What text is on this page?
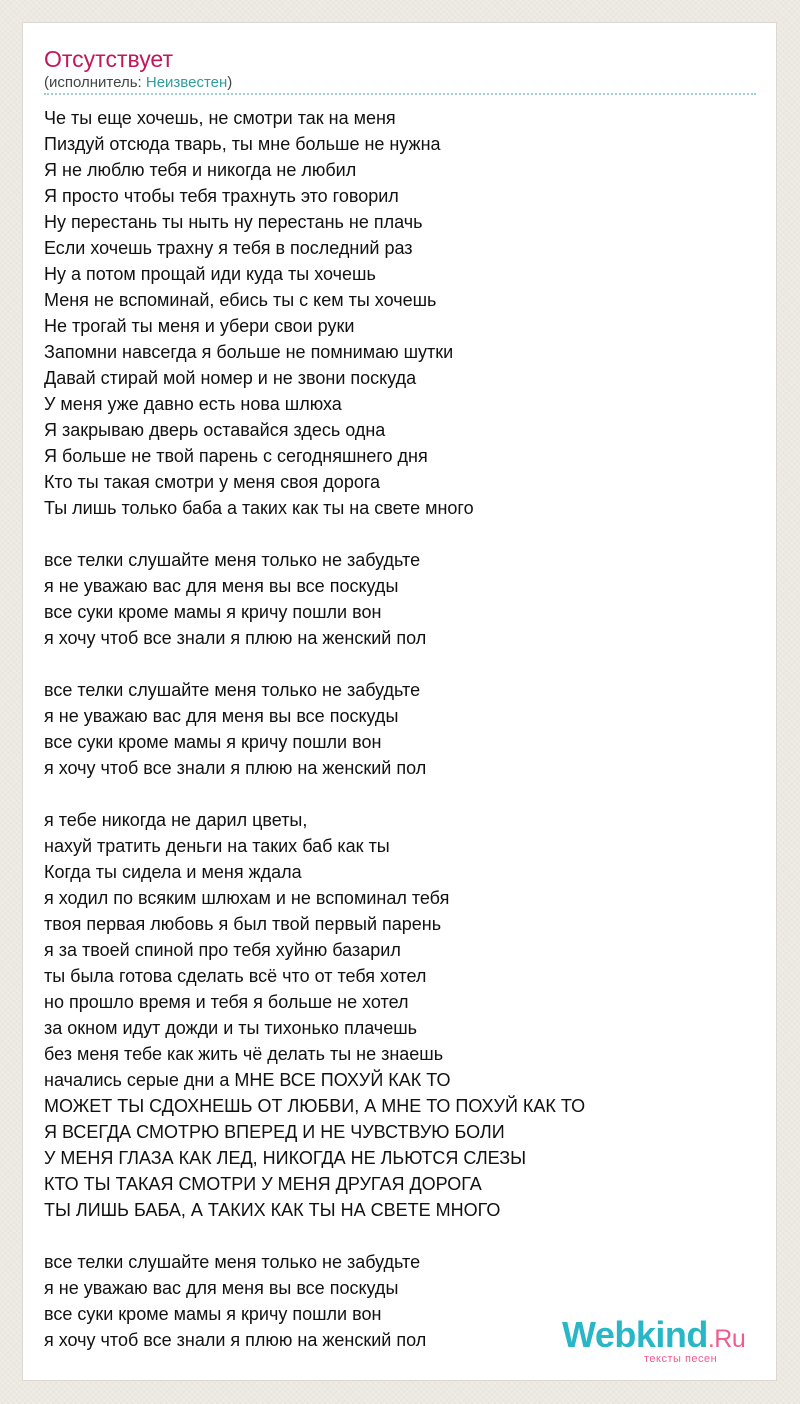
Отсутствует
(исполнитель: Неизвестен)
Че ты еще хочешь, не смотри так на меня
Пиздуй отсюда тварь, ты мне больше не нужна
Я не люблю тебя и никогда не любил
Я просто чтобы тебя трахнуть это говорил
Ну перестань ты ныть ну перестань не плачь
Если хочешь трахну я тебя в последний раз
Ну а потом прощай иди куда ты хочешь
Меня не вспоминай, ебись ты с кем ты хочешь
Не трогай ты меня и убери свои руки
Запомни навсегда я больше не помнимаю шутки
Давай стирай мой номер и не звони поскуда
У меня уже давно есть нова шлюха
Я закрываю дверь оставайся здесь одна
Я больше не твой парень с сегодняшнего дня
Кто ты такая смотри у меня своя дорога
Ты лишь только баба а таких как ты на свете много
все телки слушайте меня только не забудьте
я не уважаю вас для меня вы все поскуды
все суки кроме мамы я кричу пошли вон
я хочу чтоб все знали я плюю на женский пол
все телки слушайте меня только не забудьте
я не уважаю вас для меня вы все поскуды
все суки кроме мамы я кричу пошли вон
я хочу чтоб все знали я плюю на женский пол
я тебе никогда не дарил цветы,
нахуй тратить деньги на таких баб как ты
Когда ты сидела и меня ждала
я ходил по всяким шлюхам и не вспоминал тебя
твоя первая любовь я был твой первый парень
я за твоей спиной про тебя хуйню базарил
ты была готова сделать всё что от тебя хотел
но прошло время и тебя я больше не хотел
за окном идут дожди и ты тихонько плачешь
без меня тебе как жить чё делать ты не знаешь
начались серые дни а МНЕ ВСЕ ПОХУЙ КАК ТО
МОЖЕТ ТЫ СДОХНЕШЬ ОТ ЛЮБВИ, А МНЕ ТО ПОХУЙ КАК ТО
Я ВСЕГДА СМОТРЮ ВПЕРЕД И НЕ ЧУВСТВУЮ БОЛИ
У МЕНЯ ГЛАЗА КАК ЛЕД, НИКОГДА НЕ ЛЬЮТСЯ СЛЕЗЫ
КТО ТЫ ТАКАЯ СМОТРИ У МЕНЯ ДРУГАЯ ДОРОГА
ТЫ ЛИШЬ БАБА, А ТАКИХ КАК ТЫ НА СВЕТЕ МНОГО
все телки слушайте меня только не забудьте
я не уважаю вас для меня вы все поскуды
все суки кроме мамы я кричу пошли вон
я хочу чтоб все знали я плюю на женский пол	Webkind.Ru
тексты песен
